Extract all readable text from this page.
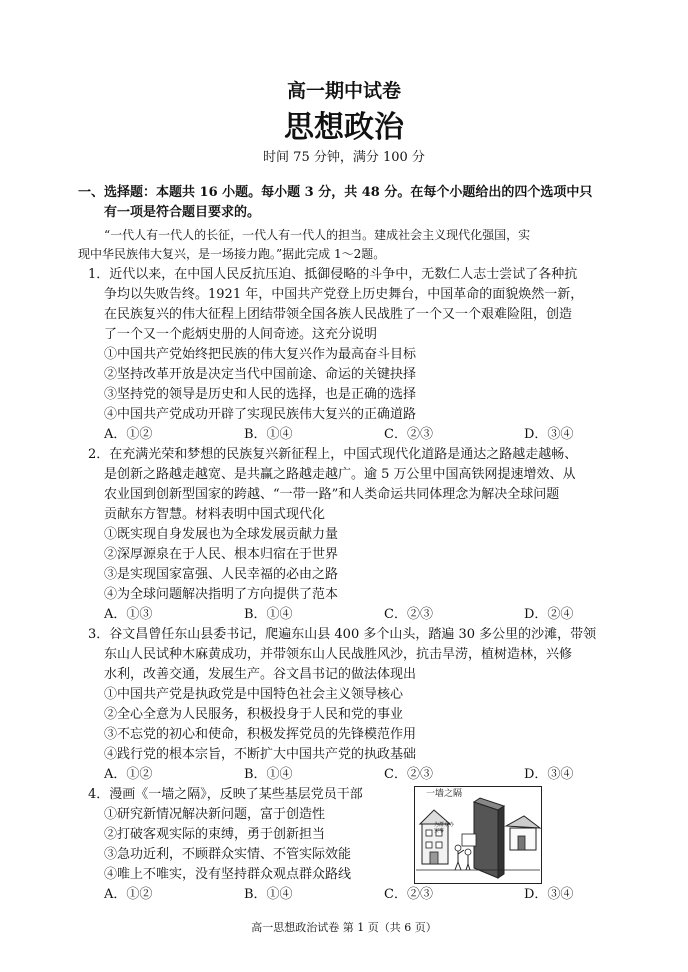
高一期中试卷
思想政治
时间 75 分钟，满分 100 分
一、选择题：本题共 16 小题。每小题 3 分，共 48 分。在每个小题给出的四个选项中只
有一项是符合题目要求的。
“一代人有一代人的长征，一代人有一代人的担当。建成社会主义现代化强国，实
现中华民族伟大复兴，是一场接力跑。”据此完成 1～2题。
1．近代以来，在中国人民反抗压迫、抵御侵略的斗争中，无数仁人志士尝试了各种抗
争均以失败告终。1921 年，中国共产党登上历史舞台，中国革命的面貌焕然一新，
在民族复兴的伟大征程上团结带领全国各族人民战胜了一个又一个艰难险阻，创造
了一个又一个彪炳史册的人间奇迹。这充分说明
①中国共产党始终把民族的伟大复兴作为最高奋斗目标
②坚持改革开放是决定当代中国前途、命运的关键抉择
③坚持党的领导是历史和人民的选择，也是正确的选择
④中国共产党成功开辟了实现民族伟大复兴的正确道路
A．①②	B．①④	C．②③	D．③④
2．在充满光荣和梦想的民族复兴新征程上，中国式现代化道路是通达之路越走越畅、
是创新之路越走越宽、是共赢之路越走越广。逾 5 万公里中国高铁网提速增效、从
农业国到创新型国家的跨越、“一带一路”和人类命运共同体理念为解决全球问题
贡献东方智慧。材料表明中国式现代化
①既实现自身发展也为全球发展贡献力量
②深厚源泉在于人民、根本归宿在于世界
③是实现国家富强、人民幸福的必由之路
④为全球问题解决指明了方向提供了范本
A．①③	B．①④	C．②③	D．②④
3．谷文昌曾任东山县委书记，爬遍东山县 400 多个山头，踏遍 30 多公里的沙滩，带领
东山人民试种木麻黄成功，并带领东山人民战胜风沙，抗击旱涝，植树造林，兴修
水利，改善交通，发展生产。谷文昌书记的做法体现出
①中国共产党是执政党是中国特色社会主义领导核心
②全心全意为人民服务，积极投身于人民和党的事业
③不忘党的初心和使命，积极发挥党员的先锋模范作用
④践行党的根本宗旨，不断扩大中国共产党的执政基础
A．①②	B．①④	C．②③	D．③④
4．漫画《一墙之隔》，反映了某些基层党员干部
①研究新情况解决新问题，富于创造性
②打破客观实际的束缚，勇于创新担当
③急功近利，不顾群众实情、不管实际效能
④唯上不唯实，没有坚持群众观点群众路线
A．①②	B．①④	C．②③	D．③④
一墙之隔
为群众办实事
高一思想政治试卷 第 1 页（共 6 页）
